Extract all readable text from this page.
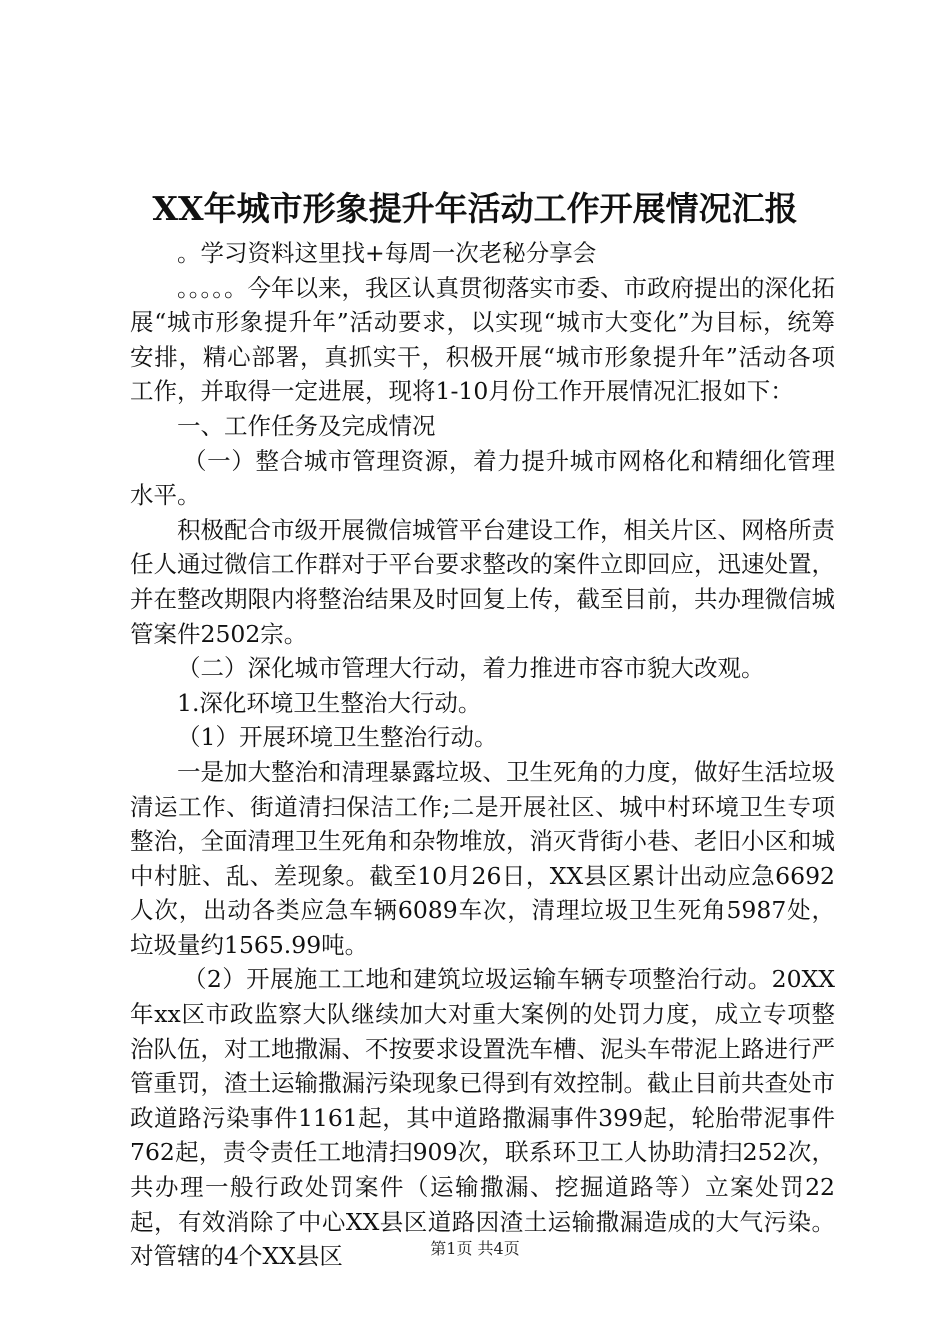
XX年城市形象提升年活动工作开展情况汇报

。学习资料这里找+每周一次老秘分享会

。。。。。今年以来，我区认真贯彻落实市委、市政府提出的深化拓展“城市形象提升年”活动要求，以实现“城市大变化”为目标，统筹安排，精心部署，真抓实干，积极开展“城市形象提升年”活动各项工作，并取得一定进展，现将1-10月份工作开展情况汇报如下：

一、工作任务及完成情况

（一）整合城市管理资源，着力提升城市网格化和精细化管理水平。

积极配合市级开展微信城管平台建设工作，相关片区、网格所责任人通过微信工作群对于平台要求整改的案件立即回应，迅速处置，并在整改期限内将整治结果及时回复上传，截至目前，共办理微信城管案件2502宗。

（二）深化城市管理大行动，着力推进市容市貌大改观。

1.深化环境卫生整治大行动。

（1）开展环境卫生整治行动。

一是加大整治和清理暴露垃圾、卫生死角的力度，做好生活垃圾清运工作、街道清扫保洁工作;二是开展社区、城中村环境卫生专项整治，全面清理卫生死角和杂物堆放，消灭背街小巷、老旧小区和城中村脏、乱、差现象。截至10月26日，XX县区累计出动应急6692人次，出动各类应急车辆6089车次，清理垃圾卫生死角5987处，垃圾量约1565.99吨。

（2）开展施工工地和建筑垃圾运输车辆专项整治行动。20XX年xx区市政监察大队继续加大对重大案例的处罚力度，成立专项整治队伍，对工地撒漏、不按要求设置洗车槽、泥头车带泥上路进行严管重罚，渣土运输撒漏污染现象已得到有效控制。截止目前共查处市政道路污染事件1161起，其中道路撒漏事件399起，轮胎带泥事件762起，责令责任工地清扫909次，联系环卫工人协助清扫252次，共办理一般行政处罚案件（运输撒漏、挖掘道路等）立案处罚22起，有效消除了中心XX县区道路因渣土运输撒漏造成的大气污染。对管辖的4个XX县区	第1页 共4页
